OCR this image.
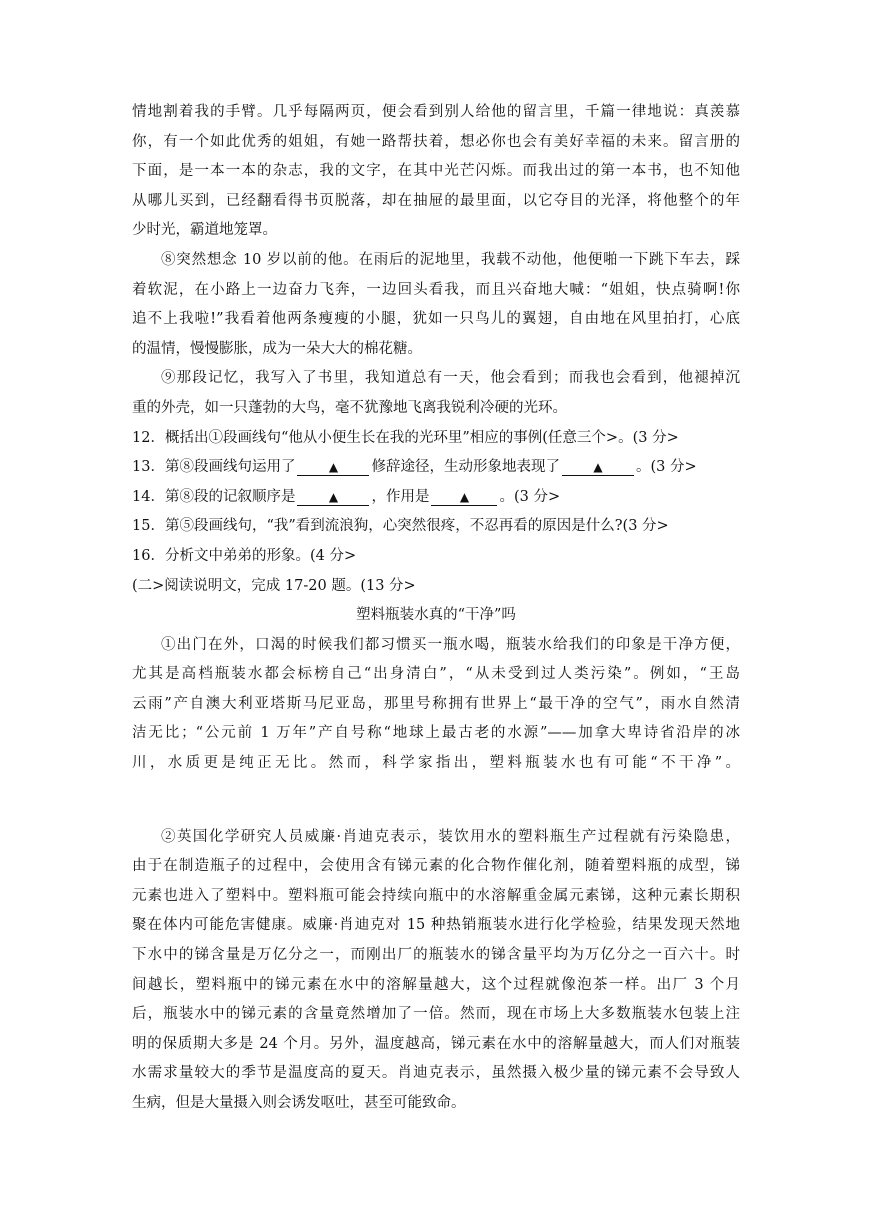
情地割着我的手臂。几乎每隔两页，便会看到别人给他的留言里，千篇一律地说：真羡慕
你，有一个如此优秀的姐姐，有她一路帮扶着，想必你也会有美好幸福的未来。留言册的
下面，是一本一本的杂志，我的文字，在其中光芒闪烁。而我出过的第一本书，也不知他
从哪儿买到，已经翻看得书页脱落，却在抽屉的最里面，以它夺目的光泽，将他整个的年
少时光，霸道地笼罩。
⑧突然想念 10 岁以前的他。在雨后的泥地里，我载不动他，他便啪一下跳下车去，踩
着软泥，在小路上一边奋力飞奔，一边回头看我，而且兴奋地大喊：“姐姐，快点骑啊!你
追不上我啦!”我看着他两条瘦瘦的小腿，犹如一只鸟儿的翼翅，自由地在风里拍打，心底
的温情，慢慢膨胀，成为一朵大大的棉花糖。
⑨那段记忆，我写入了书里，我知道总有一天，他会看到；而我也会看到，他褪掉沉
重的外壳，如一只蓬勃的大鸟，毫不犹豫地飞离我锐利冷硬的光环。
12．概括出①段画线句“他从小便生长在我的光环里”相应的事例(任意三个>。(3 分>
13．第⑧段画线句运用了	▲ 修辞途径，生动形象地表现了	▲ 。(3 分>
14．第⑧段的记叙顺序是	▲ ，作用是	▲ 。(3 分>
15．第⑤段画线句，“我”看到流浪狗，心突然很疼，不忍再看的原因是什么?(3 分>
16．分析文中弟弟的形象。(4 分>
(二>阅读说明文，完成 17-20 题。(13 分>
塑料瓶装水真的“干净”吗
①出门在外，口渴的时候我们都习惯买一瓶水喝，瓶装水给我们的印象是干净方便，
尤其是高档瓶装水都会标榜自己“出身清白”，“从未受到过人类污染”。例如，“王岛
云雨”产自澳大利亚塔斯马尼亚岛，那里号称拥有世界上“最干净的空气”，雨水自然清
洁无比；“公元前 1 万年”产自号称“地球上最古老的水源”——加拿大卑诗省沿岸的冰
川，水质更是纯正无比。然而，科学家指出，塑料瓶装水也有可能“不干净”。
②英国化学研究人员威廉·肖迪克表示，装饮用水的塑料瓶生产过程就有污染隐患，
由于在制造瓶子的过程中，会使用含有锑元素的化合物作催化剂，随着塑料瓶的成型，锑
元素也进入了塑料中。塑料瓶可能会持续向瓶中的水溶解重金属元素锑，这种元素长期积
聚在体内可能危害健康。威廉·肖迪克对 15 种热销瓶装水进行化学检验，结果发现天然地
下水中的锑含量是万亿分之一，而刚出厂的瓶装水的锑含量平均为万亿分之一百六十。时
间越长，塑料瓶中的锑元素在水中的溶解量越大，这个过程就像泡茶一样。出厂 3 个月
后，瓶装水中的锑元素的含量竟然增加了一倍。然而，现在市场上大多数瓶装水包装上注
明的保质期大多是 24 个月。另外，温度越高，锑元素在水中的溶解量越大，而人们对瓶装
水需求量较大的季节是温度高的夏天。肖迪克表示，虽然摄入极少量的锑元素不会导致人
生病，但是大量摄入则会诱发呕吐，甚至可能致命。
